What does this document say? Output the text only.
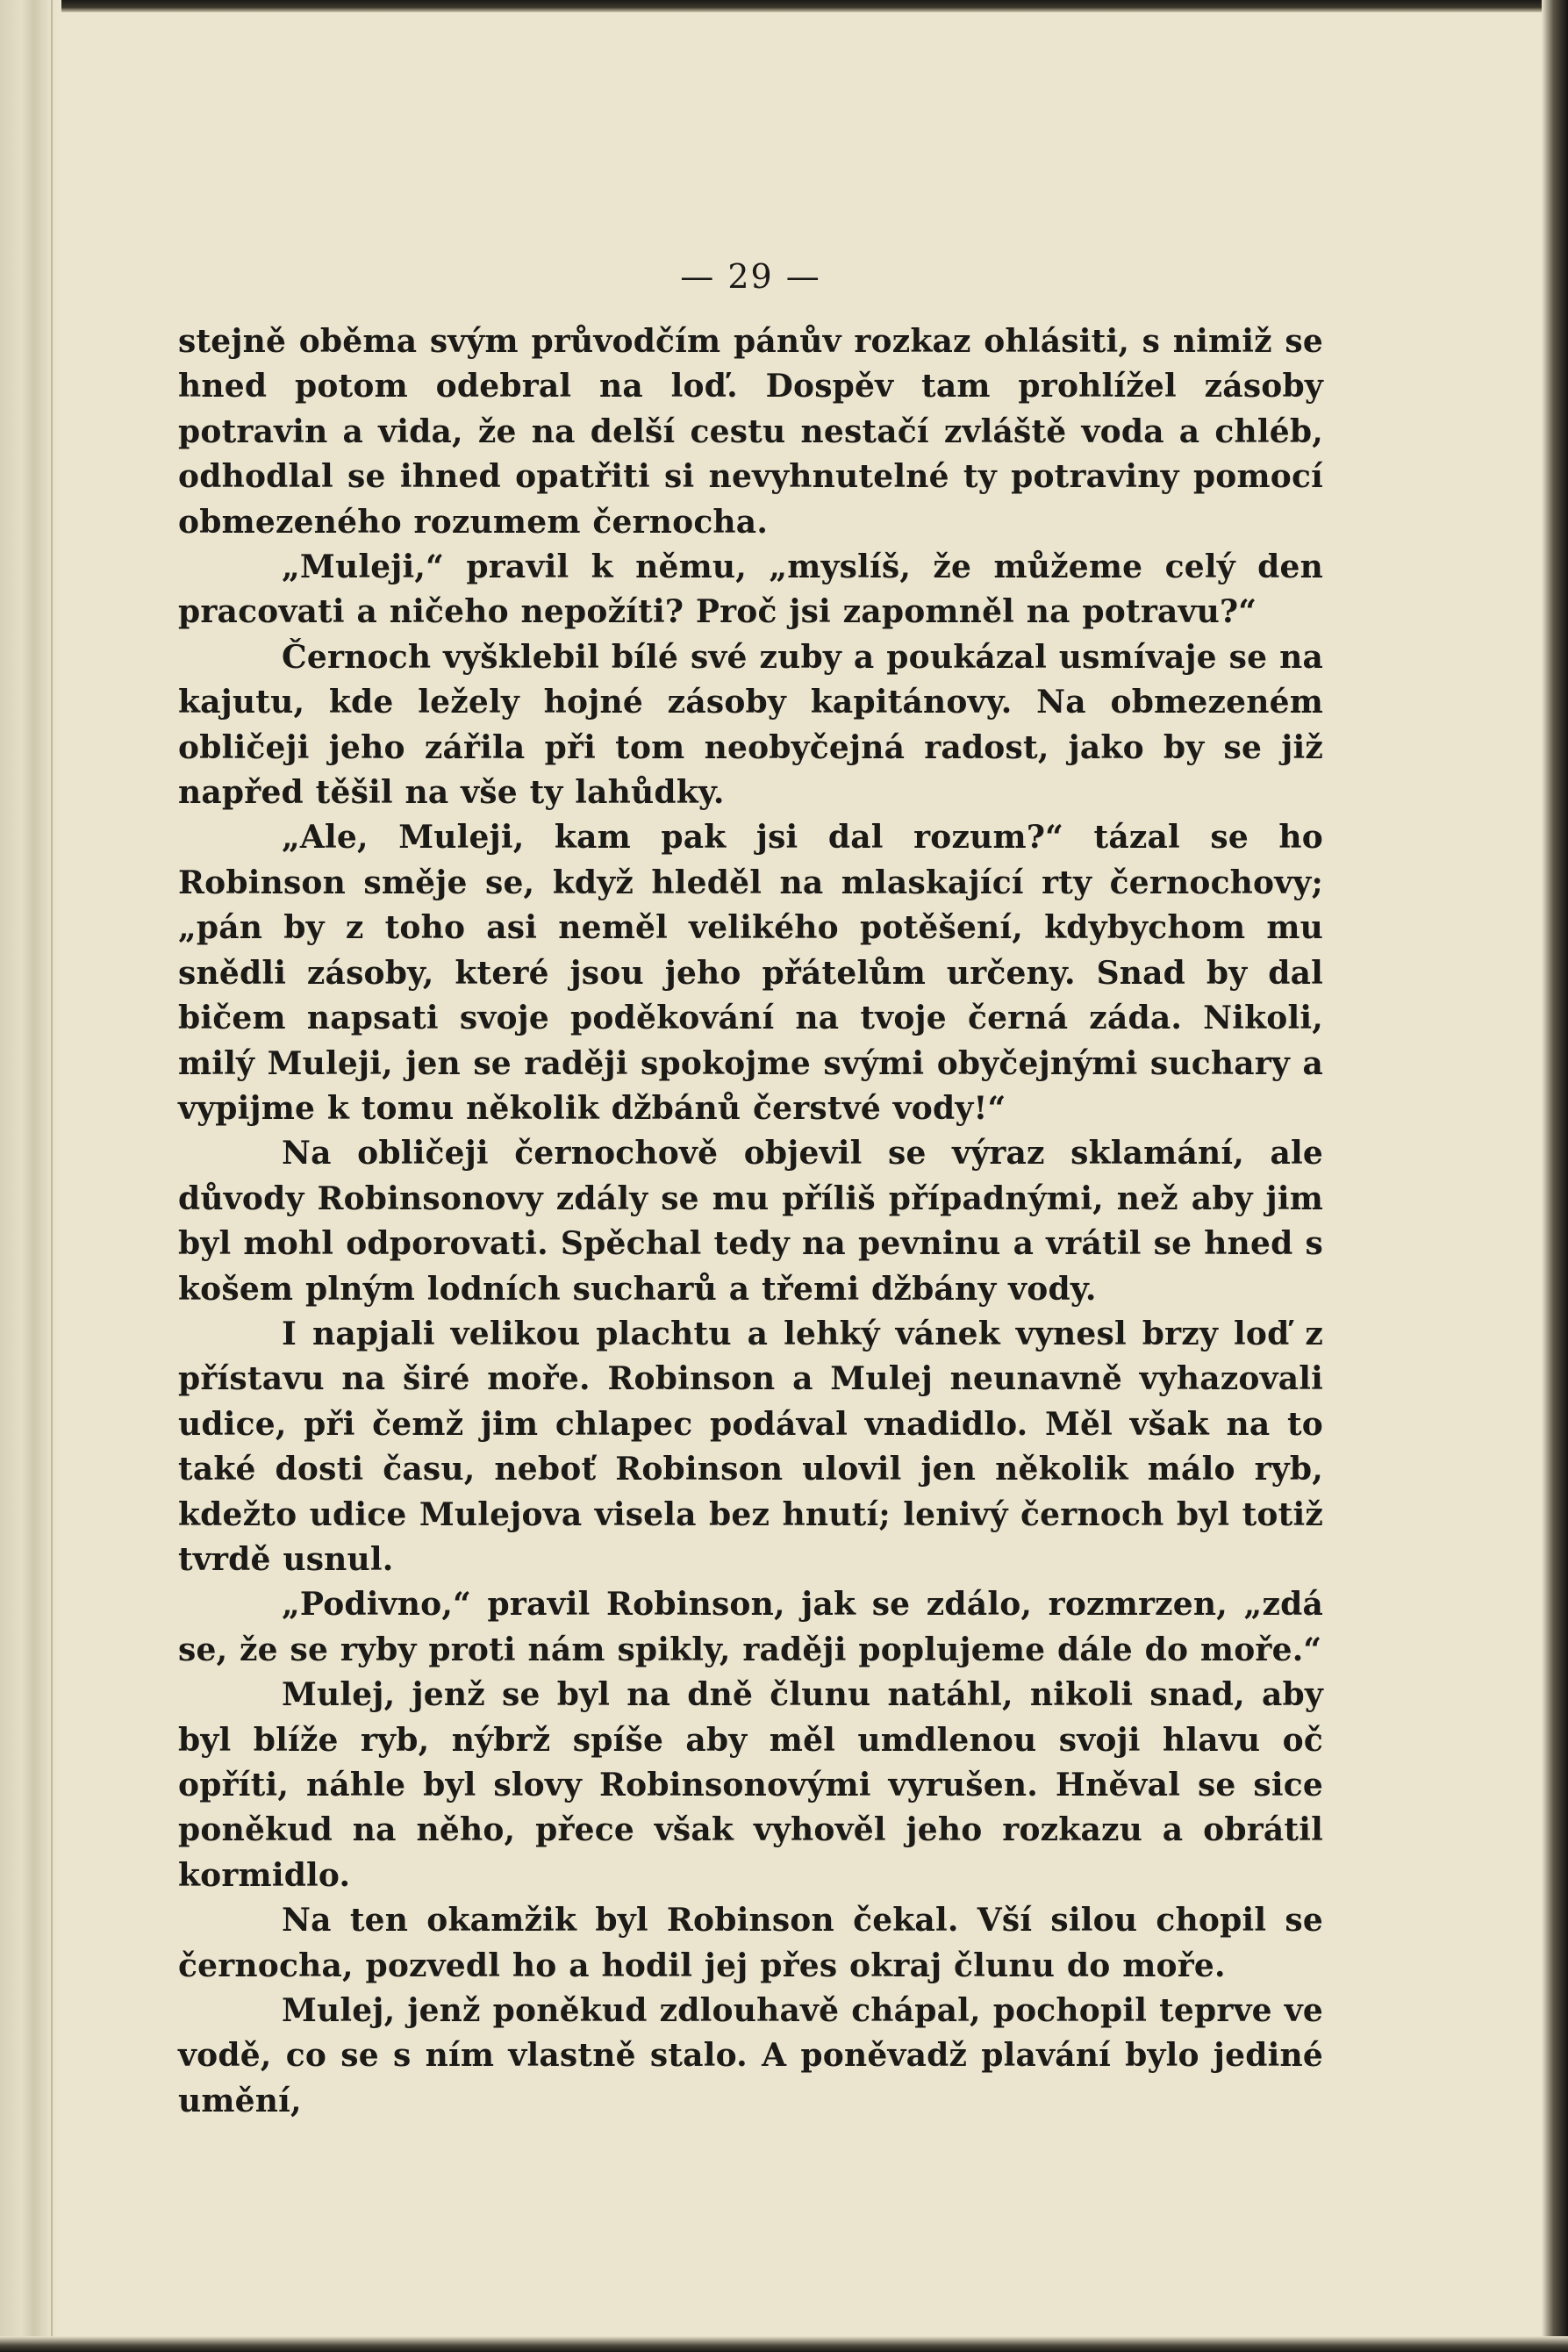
— 29 —

stejně oběma svým průvodčím pánův rozkaz ohlásiti, s nimiž se hned potom odebral na loď. Dospěv tam prohlížel zásoby potravin a vida, že na delší cestu nestačí zvláště voda a chléb, odhodlal se ihned opatřiti si nevyhnutelné ty potraviny pomocí obmezeného rozumem černocha.

„Muleji,“ pravil k němu, „myslíš, že můžeme celý den pracovati a ničeho nepožíti? Proč jsi zapomněl na potravu?“

Černoch vyšklebil bílé své zuby a poukázal usmívaje se na kajutu, kde ležely hojné zásoby kapitánovy. Na obmezeném obličeji jeho zářila při tom neobyčejná radost, jako by se již napřed těšil na vše ty lahůdky.

„Ale, Muleji, kam pak jsi dal rozum?“ tázal se ho Robinson směje se, když hleděl na mlaskající rty černochovy; „pán by z toho asi neměl velikého potěšení, kdybychom mu snědli zásoby, které jsou jeho přátelům určeny. Snad by dal bičem napsati svoje poděkování na tvoje černá záda. Nikoli, milý Muleji, jen se raději spokojme svými obyčejnými suchary a vypijme k tomu několik džbánů čerstvé vody!“

Na obličeji černochově objevil se výraz sklamání, ale důvody Robinsonovy zdály se mu příliš případnými, než aby jim byl mohl odporovati. Spěchal tedy na pevninu a vrátil se hned s košem plným lodních sucharů a třemi džbány vody.

I napjali velikou plachtu a lehký vánek vynesl brzy loď z přístavu na širé moře. Robinson a Mulej neunavně vyhazovali udice, při čemž jim chlapec podával vnadidlo. Měl však na to také dosti času, neboť Robinson ulovil jen několik málo ryb, kdežto udice Mulejova visela bez hnutí; lenivý černoch byl totiž tvrdě usnul.

„Podivno,“ pravil Robinson, jak se zdálo, rozmrzen, „zdá se, že se ryby proti nám spikly, raději poplujeme dále do moře.“

Mulej, jenž se byl na dně člunu natáhl, nikoli snad, aby byl blíže ryb, nýbrž spíše aby měl umdlenou svoji hlavu oč opříti, náhle byl slovy Robinsonovými vyrušen. Hněval se sice poněkud na něho, přece však vyhověl jeho rozkazu a obrátil kormidlo.

Na ten okamžik byl Robinson čekal. Vší silou chopil se černocha, pozvedl ho a hodil jej přes okraj člunu do moře.

Mulej, jenž poněkud zdlouhavě chápal, pochopil teprve ve vodě, co se s ním vlastně stalo. A poněvadž plavání bylo jediné umění,
